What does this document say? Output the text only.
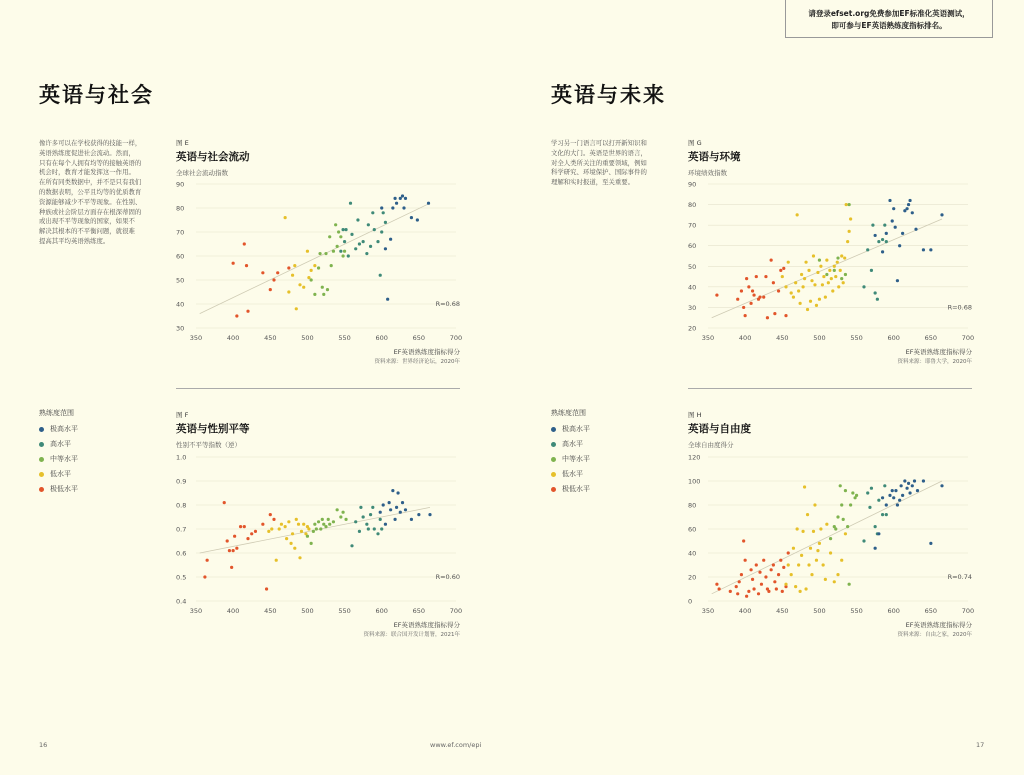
请登录efset.org免费参加EF标准化英语测试，
即可参与EF英语熟练度指标排名。
英语与社会	英语与未来
像许多可以在学校获得的技能一样，
英语熟练度促进社会流动。然而，
只有在每个人拥有均等的接触英语的
机会时，教育才能发挥这一作用。
在所有同类数据中，并不是只有我们
的数据表明，公平且均等的优质教育
资源能够减少不平等现象。在性别、
种族或社会阶层方面存在根深蒂固的
或出现不平等现象的国家，如果不
解决其根本的不平衡问题，就很难
提高其平均英语熟练度。
学习另一门语言可以打开新知识和
文化的大门。英语是世界的语言，
对全人类所关注的重要领域，例如
科学研究、环境保护、国际事件的
理解和实时报道，至关重要。
熟练度范围
极高水平
高水平
中等水平
低水平
极低水平
熟练度范围
极高水平
高水平
中等水平
低水平
极低水平
图 E
英语与社会流动
全球社会流动指数
图 F
英语与性别平等
性别不平等指数（逆）
图 G
英语与环境
环境绩效指数
图 H
英语与自由度
全球自由度得分
30
40
50
60
70
80
90
350	400	450	500	550	600	650	700
R=0.68
EF英语熟练度指标得分
资料来源：世界经济论坛，2020年
0.4
0.5
0.6
0.7
0.8
0.9
1.0
350	400	450	500	550	600	650	700
R=0.60
EF英语熟练度指标得分
资料来源：联合国开发计划署，2021年
20
30
40
50
60
70
80
90
350	400	450	500	550	600	650	700
R=0.68
EF英语熟练度指标得分
资料来源：耶鲁大学，2020年
0
20
40
60
80
100
120
350	400	450	500	550	600	650	700
R=0.74
EF英语熟练度指标得分
资料来源：自由之家，2020年
16	www.ef.com/epi	17
